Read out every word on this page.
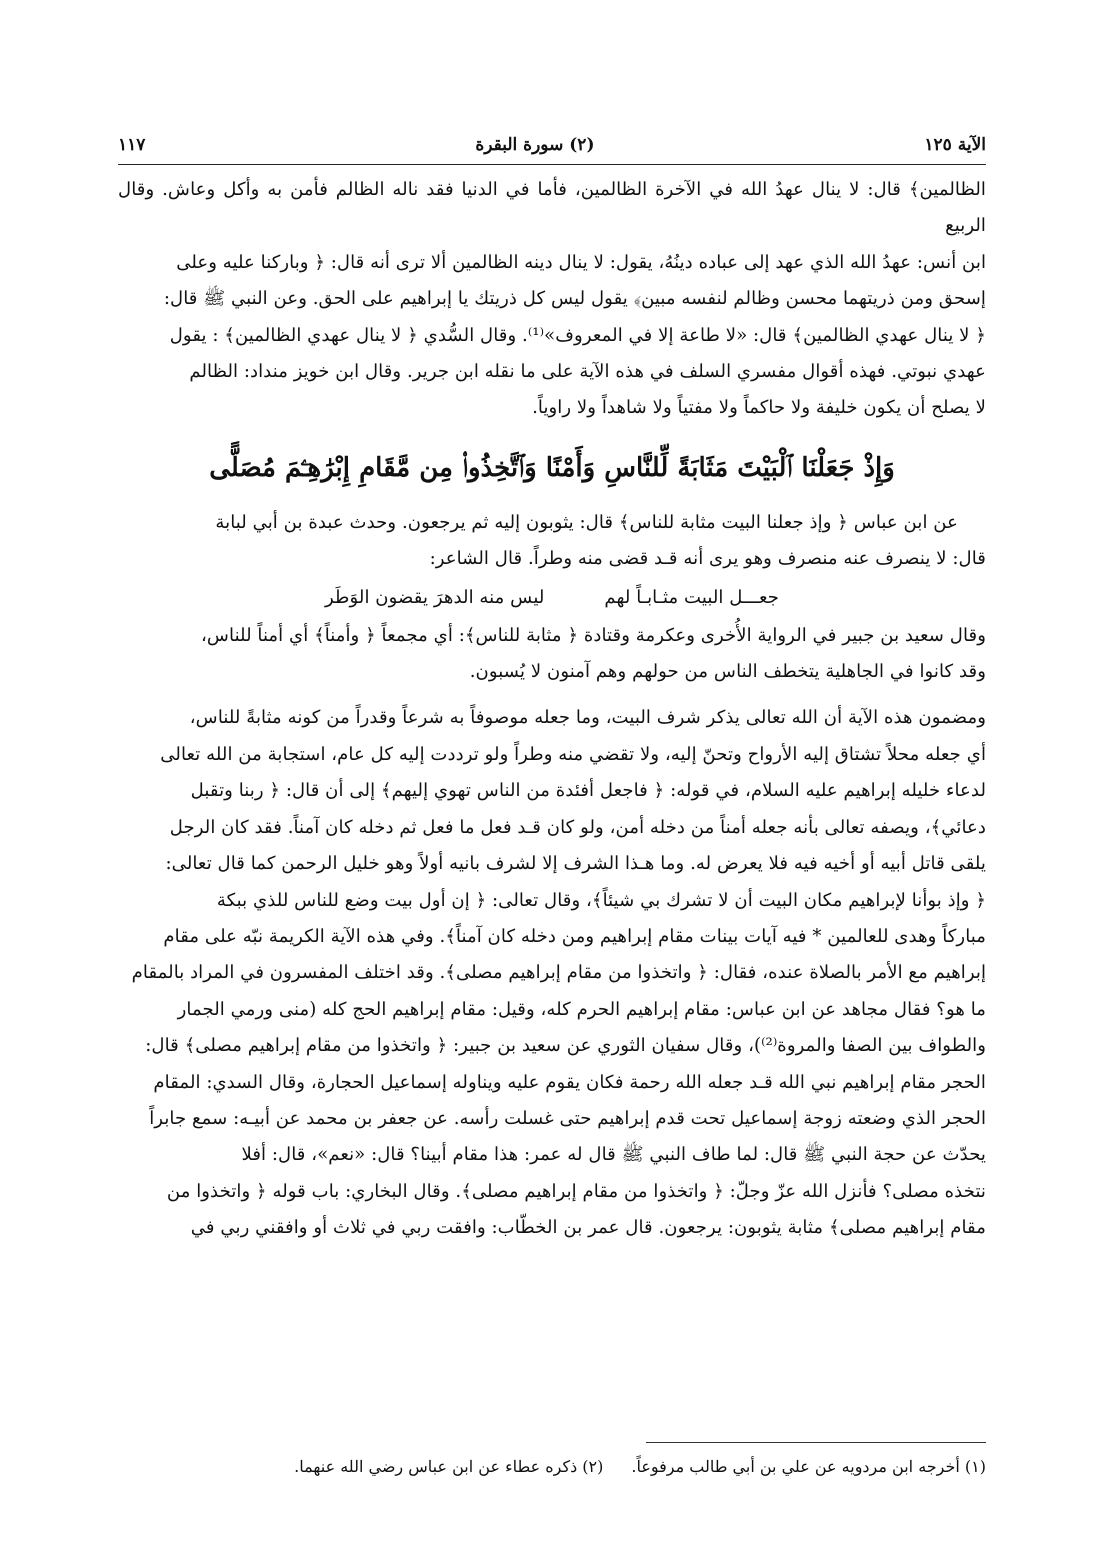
الآية ١٢٥
(٢) سورة البقرة
١١٧

الظالمين﴾ قال: لا ينال عهدُ الله في الآخرة الظالمين، فأما في الدنيا فقد ناله الظالم فأمن به وأكل وعاش. وقال الربيع

ابن أنس: عهدُ الله الذي عهد إلى عباده دينُهُ، يقول: لا ينال دينه الظالمين ألا ترى أنه قال: ﴿ وباركنا عليه وعلى

إسحق ومن ذريتهما محسن وظالم لنفسه مبين﴾ يقول ليس كل ذريتك يا إبراهيم على الحق. وعن النبي ﷺ قال:

﴿ لا ينال عهدي الظالمين﴾ قال: «لا طاعة إلا في المعروف»⁽¹⁾. وقال السُّدي ﴿ لا ينال عهدي الظالمين﴾ : يقول

عهدي نبوتي. فهذه أقوال مفسري السلف في هذه الآية على ما نقله ابن جرير. وقال ابن خويز منداد: الظالم

لا يصلح أن يكون خليفة ولا حاكماً ولا مفتياً ولا شاهداً ولا راوياً.

وَإِذْ جَعَلْنَا ٱلْبَيْتَ مَثَابَةً لِّلنَّاسِ وَأَمْنًا وَٱتَّخِذُوا۟ مِن مَّقَامِ إِبْرَٰهِـۧمَ مُصَلًّى

عن ابن عباس ﴿ وإذ جعلنا البيت مثابة للناس﴾ قال: يثوبون إليه ثم يرجعون. وحدث عبدة بن أبي لبابة

قال: لا ينصرف عنه منصرف وهو يرى أنه قـد قضى منه وطراً. قال الشاعر:

جعـــل البيت مثـابـاً لهم
ليس منه الدهرَ يقضون الوَطَر

وقال سعيد بن جبير في الرواية الأُخرى وعكرمة وقتادة ﴿ مثابة للناس﴾: أي مجمعاً ﴿ وأمناً﴾ أي أمناً للناس،

وقد كانوا في الجاهلية يتخطف الناس من حولهم وهم آمنون لا يُسبون.

ومضمون هذه الآية أن الله تعالى يذكر شرف البيت، وما جعله موصوفاً به شرعاً وقدراً من كونه مثابةً للناس،

أي جعله محلاً تشتاق إليه الأرواح وتحنّ إليه، ولا تقضي منه وطراً ولو ترددت إليه كل عام، استجابة من الله تعالى

لدعاء خليله إبراهيم عليه السلام، في قوله: ﴿ فاجعل أفئدة من الناس تهوي إليهم﴾ إلى أن قال: ﴿ ربنا وتقبل

دعائي﴾، ويصفه تعالى بأنه جعله أمناً من دخله أمن، ولو كان قـد فعل ما فعل ثم دخله كان آمناً. فقد كان الرجل

يلقى قاتل أبيه أو أخيه فيه فلا يعرض له. وما هـذا الشرف إلا لشرف بانيه أولاً وهو خليل الرحمن كما قال تعالى:

﴿ وإذ بوأنا لإبراهيم مكان البيت أن لا تشرك بي شيئاً﴾، وقال تعالى: ﴿ إن أول بيت وضع للناس للذي ببكة

مباركاً وهدى للعالمين * فيه آيات بينات مقام إبراهيم ومن دخله كان آمناً﴾. وفي هذه الآية الكريمة نبّه على مقام

إبراهيم مع الأمر بالصلاة عنده، فقال: ﴿ واتخذوا من مقام إبراهيم مصلى﴾. وقد اختلف المفسرون في المراد بالمقام

ما هو؟ فقال مجاهد عن ابن عباس: مقام إبراهيم الحرم كله، وقيل: مقام إبراهيم الحج كله (منى ورمي الجمار

والطواف بين الصفا والمروة⁽²⁾)، وقال سفيان الثوري عن سعيد بن جبير: ﴿ واتخذوا من مقام إبراهيم مصلى﴾ قال:

الحجر مقام إبراهيم نبي الله قـد جعله الله رحمة فكان يقوم عليه ويناوله إسماعيل الحجارة، وقال السدي: المقام

الحجر الذي وضعته زوجة إسماعيل تحت قدم إبراهيم حتى غسلت رأسه. عن جعفر بن محمد عن أبيـه: سمع جابراً

يحدّث عن حجة النبي ﷺ قال: لما طاف النبي ﷺ قال له عمر: هذا مقام أبينا؟ قال: «نعم»، قال: أفلا

نتخذه مصلى؟ فأنزل الله عزّ وجلّ: ﴿ واتخذوا من مقام إبراهيم مصلى﴾. وقال البخاري: باب قوله ﴿ واتخذوا من

مقام إبراهيم مصلى﴾ مثابة يثوبون: يرجعون. قال عمر بن الخطّاب: وافقت ربي في ثلاث أو وافقني ربي في

(١) أخرجه ابن مردويه عن علي بن أبي طالب مرفوعاً.
(٢) ذكره عطاء عن ابن عباس رضي الله عنهما.
